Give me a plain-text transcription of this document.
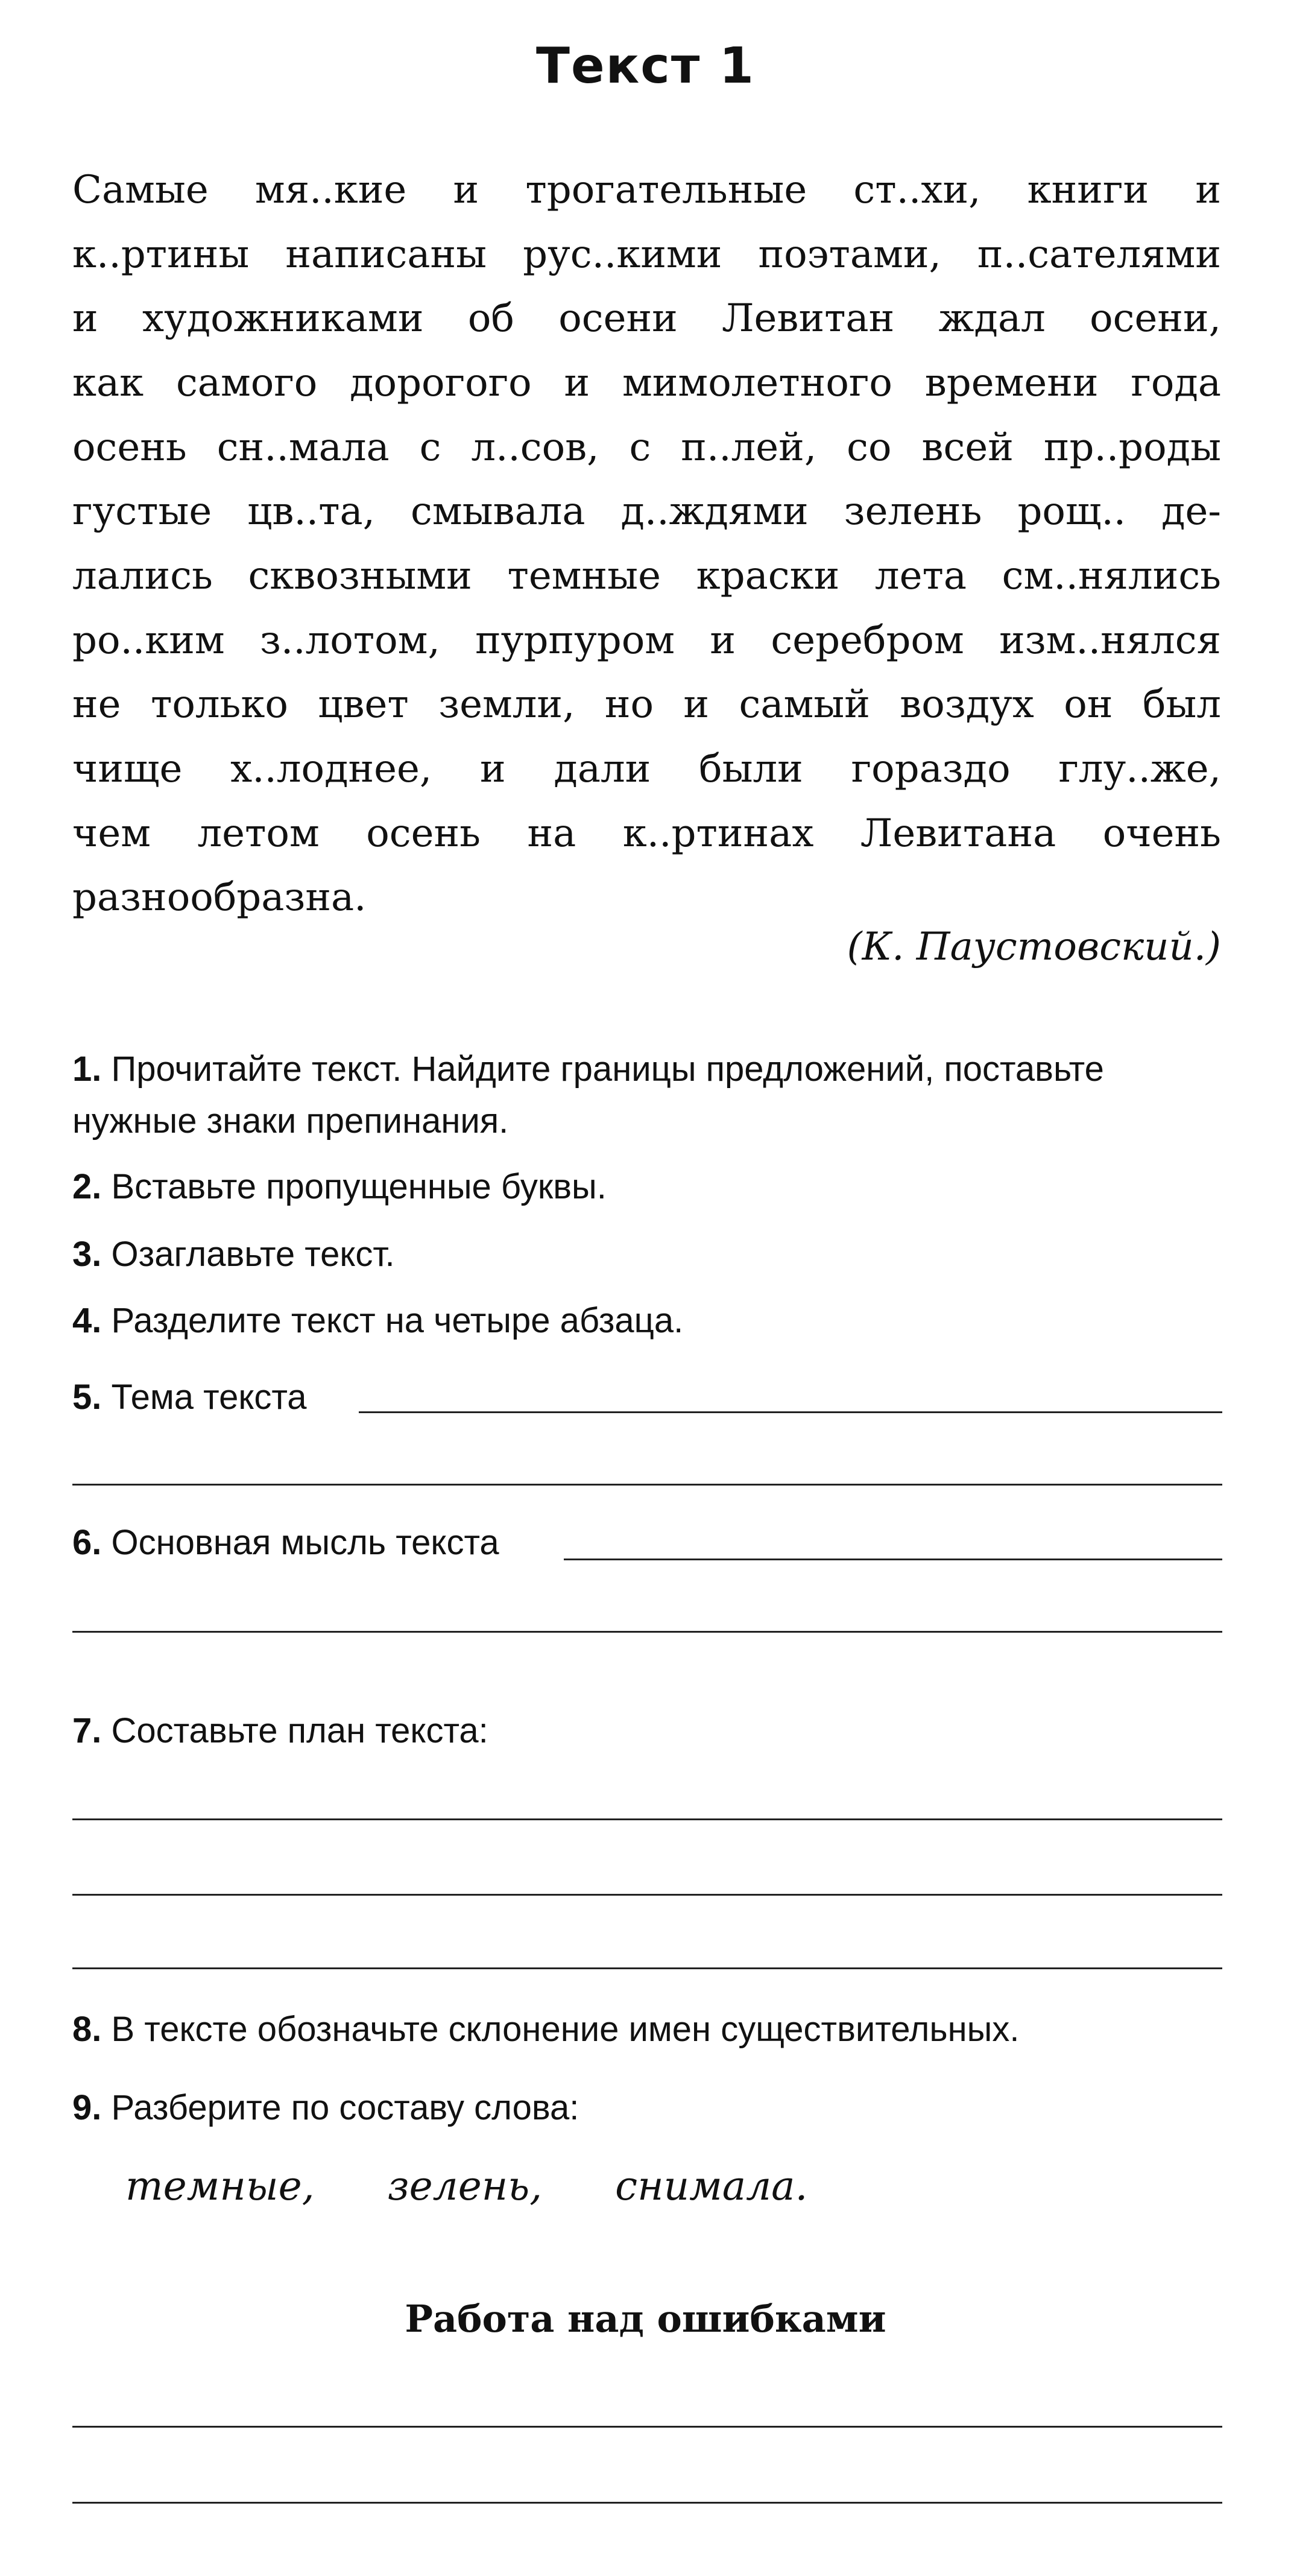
Текст 1
Самые мя..кие и трогательные ст..хи, книги и
к..ртины написаны рус..кими поэтами, п..сателями
и художниками об осени Левитан ждал осени,
как самого дорогого и мимолетного времени года
осень сн..мала с л..сов, с п..лей, со всей пр..роды
густые цв..та, смывала д..ждями зелень рощ.. де-
лались сквозными темные краски лета см..нялись
ро..ким з..лотом, пурпуром и серебром изм..нялся
не только цвет земли, но и самый воздух он был
чище х..лоднее, и дали были гораздо глу..же,
чем летом осень на к..ртинах Левитана очень
разнообразна.
(К. Паустовский.)
1. Прочитайте текст. Найдите границы предложений, поставьте нужные знаки препинания.
2. Вставьте пропущенные буквы.
3. Озаглавьте текст.
4. Разделите текст на четыре абзаца.
5. Тема текста
6. Основная мысль текста
7. Составьте план текста:
8. В тексте обозначьте склонение имен существительных.
9. Разберите по составу слова:
темные, зелень, снимала.
Работа над ошибками
